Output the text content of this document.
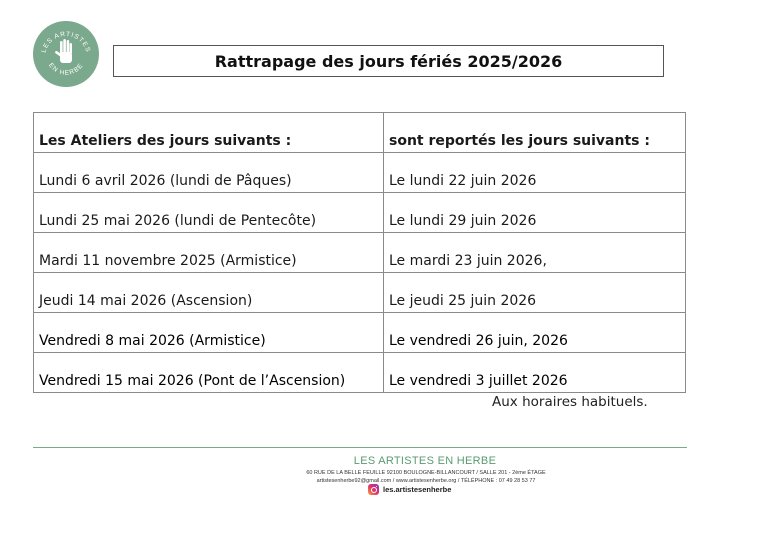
LES ARTISTES
EN HERBE	Rattrapage des jours fériés 2025/2026
Les Ateliers des jours suivants :	sont reportés les jours suivants :
Lundi 6 avril 2026 (lundi de Pâques)	Le lundi 22 juin 2026
Lundi 25 mai 2026 (lundi de Pentecôte)	Le lundi 29 juin 2026
Mardi 11 novembre 2025 (Armistice)	Le mardi 23 juin 2026,
Jeudi 14 mai 2026 (Ascension)	Le jeudi 25 juin 2026
Vendredi 8 mai 2026 (Armistice)	Le vendredi 26 juin, 2026
Vendredi 15 mai 2026 (Pont de l’Ascension)	Le vendredi 3 juillet 2026
Aux horaires habituels.
LES ARTISTES EN HERBE
60 RUE DE LA BELLE FEUILLE 92100 BOULOGNE-BILLANCOURT / SALLE 201 - 2ème ÉTAGE
artistesenherbe92@gmail.com / www.artistesenherbe.org / TÉLÉPHONE : 07 49 28 53 77
les.artistesenherbe
